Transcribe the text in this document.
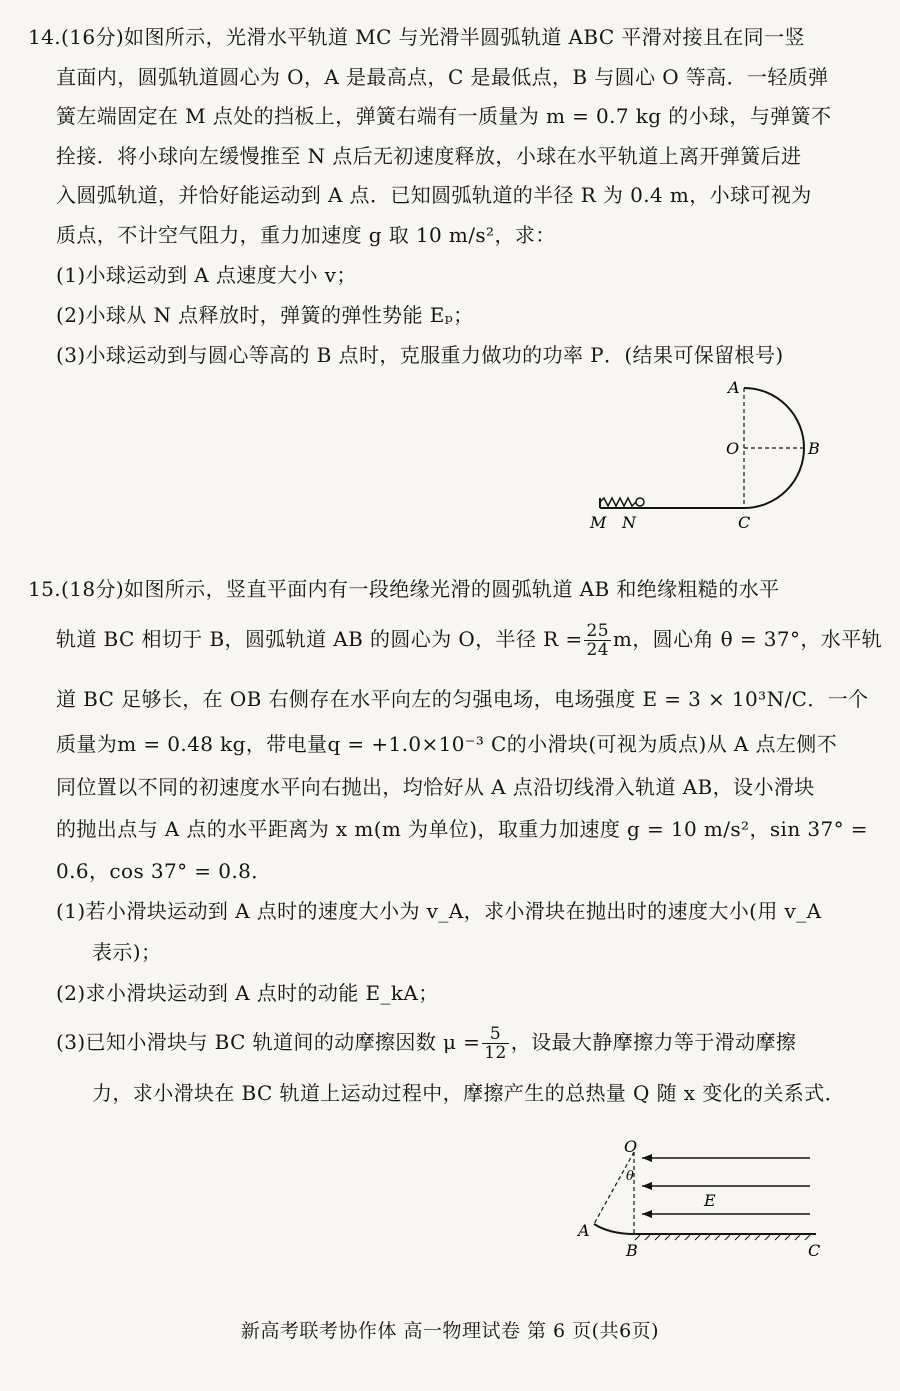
14.(16分)如图所示，光滑水平轨道 MC 与光滑半圆弧轨道 ABC 平滑对接且在同一竖
直面内，圆弧轨道圆心为 O，A 是最高点，C 是最低点，B 与圆心 O 等高．一轻质弹
簧左端固定在 M 点处的挡板上，弹簧右端有一质量为 m = 0.7 kg 的小球，与弹簧不
拴接．将小球向左缓慢推至 N 点后无初速度释放，小球在水平轨道上离开弹簧后进
入圆弧轨道，并恰好能运动到 A 点．已知圆弧轨道的半径 R 为 0.4 m，小球可视为
质点，不计空气阻力，重力加速度 g 取 10 m/s²，求：
(1)小球运动到 A 点速度大小 v；
(2)小球从 N 点释放时，弹簧的弹性势能 Eₚ；
(3)小球运动到与圆心等高的 B 点时，克服重力做功的功率 P．(结果可保留根号)
A
O	B
M N	C
15.(18分)如图所示，竖直平面内有一段绝缘光滑的圆弧轨道 AB 和绝缘粗糙的水平
轨道 BC 相切于 B，圆弧轨道 AB 的圆心为 O，半径 $R = \frac{25}{24}$ m，圆心角 θ = 37°，水平轨
道 BC 足够长，在 OB 右侧存在水平向左的匀强电场，电场强度 E = 3 × 10³N/C．一个
质量为m = 0.48 kg，带电量q = +1.0×10⁻³ C的小滑块(可视为质点)从 A 点左侧不
同位置以不同的初速度水平向右抛出，均恰好从 A 点沿切线滑入轨道 AB，设小滑块
的抛出点与 A 点的水平距离为 x m(m 为单位)，取重力加速度 g = 10 m/s²，sin 37° =
0.6，cos 37° = 0.8．
(1)若小滑块运动到 A 点时的速度大小为 v_A，求小滑块在抛出时的速度大小(用 v_A
表示)；
(2)求小滑块运动到 A 点时的动能 E_kA；
(3)已知小滑块与 BC 轨道间的动摩擦因数 $\mu = \frac{5}{12}$ ，设最大静摩擦力等于滑动摩擦
力，求小滑块在 BC 轨道上运动过程中，摩擦产生的总热量 Q 随 x 变化的关系式．
O
θ
E
A
B	C
新高考联考协作体 高一物理试卷 第 6 页(共6页)
